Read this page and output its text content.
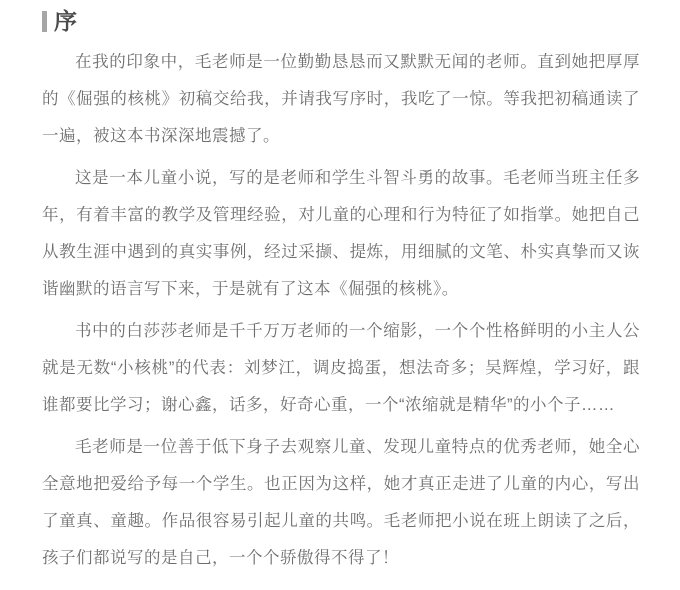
序

在我的印象中，毛老师是一位勤勤恳恳而又默默无闻的老师。直到她把厚厚的《倔强的核桃》初稿交给我，并请我写序时，我吃了一惊。等我把初稿通读了一遍，被这本书深深地震撼了。

这是一本儿童小说，写的是老师和学生斗智斗勇的故事。毛老师当班主任多年，有着丰富的教学及管理经验，对儿童的心理和行为特征了如指掌。她把自己从教生涯中遇到的真实事例，经过采撷、提炼，用细腻的文笔、朴实真挚而又诙谐幽默的语言写下来，于是就有了这本《倔强的核桃》。

书中的白莎莎老师是千千万万老师的一个缩影，一个个性格鲜明的小主人公就是无数“小核桃”的代表：刘梦江，调皮捣蛋，想法奇多；吴辉煌，学习好，跟谁都要比学习；谢心鑫，话多，好奇心重，一个“浓缩就是精华”的小个子……

毛老师是一位善于低下身子去观察儿童、发现儿童特点的优秀老师，她全心全意地把爱给予每一个学生。也正因为这样，她才真正走进了儿童的内心，写出了童真、童趣。作品很容易引起儿童的共鸣。毛老师把小说在班上朗读了之后，孩子们都说写的是自己，一个个骄傲得不得了！
